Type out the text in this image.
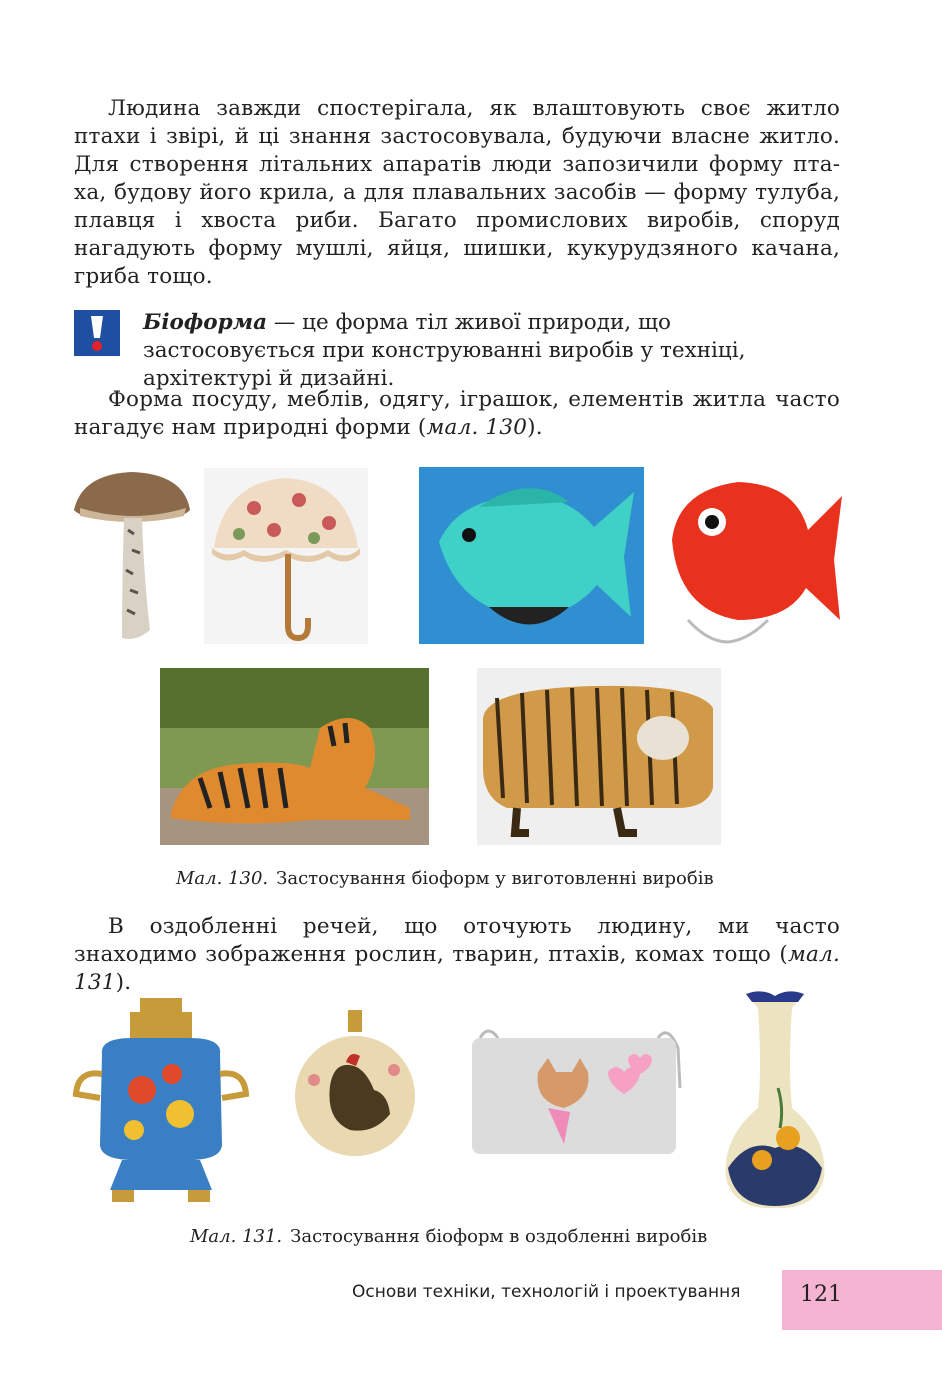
Людина завжди спостерігала, як влаштовують своє житло птахи і звірі, й ці знання застосовувала, будуючи власне житло. Для створення літальних апаратів люди запозичили форму птаха, будову його крила, а для плавальних засобів — форму тулуба, плавця і хвоста риби. Багато промислових виробів, споруд нагадують форму мушлі, яйця, шишки, кукурудзяного качана, гриба тощо.
Біоформа — це форма тіл живої природи, що застосовується при конструюванні виробів у техніці, архітектурі й дизайні.
Форма посуду, меблів, одягу, іграшок, елементів житла часто нагадує нам природні форми (мал. 130).
Мал. 130. Застосування біоформ у виготовленні виробів
В оздобленні речей, що оточують людину, ми часто знаходимо зображення рослин, тварин, птахів, комах тощо (мал. 131).
Мал. 131. Застосування біоформ в оздобленні виробів
Основи техніки, технологій і проектування	121
